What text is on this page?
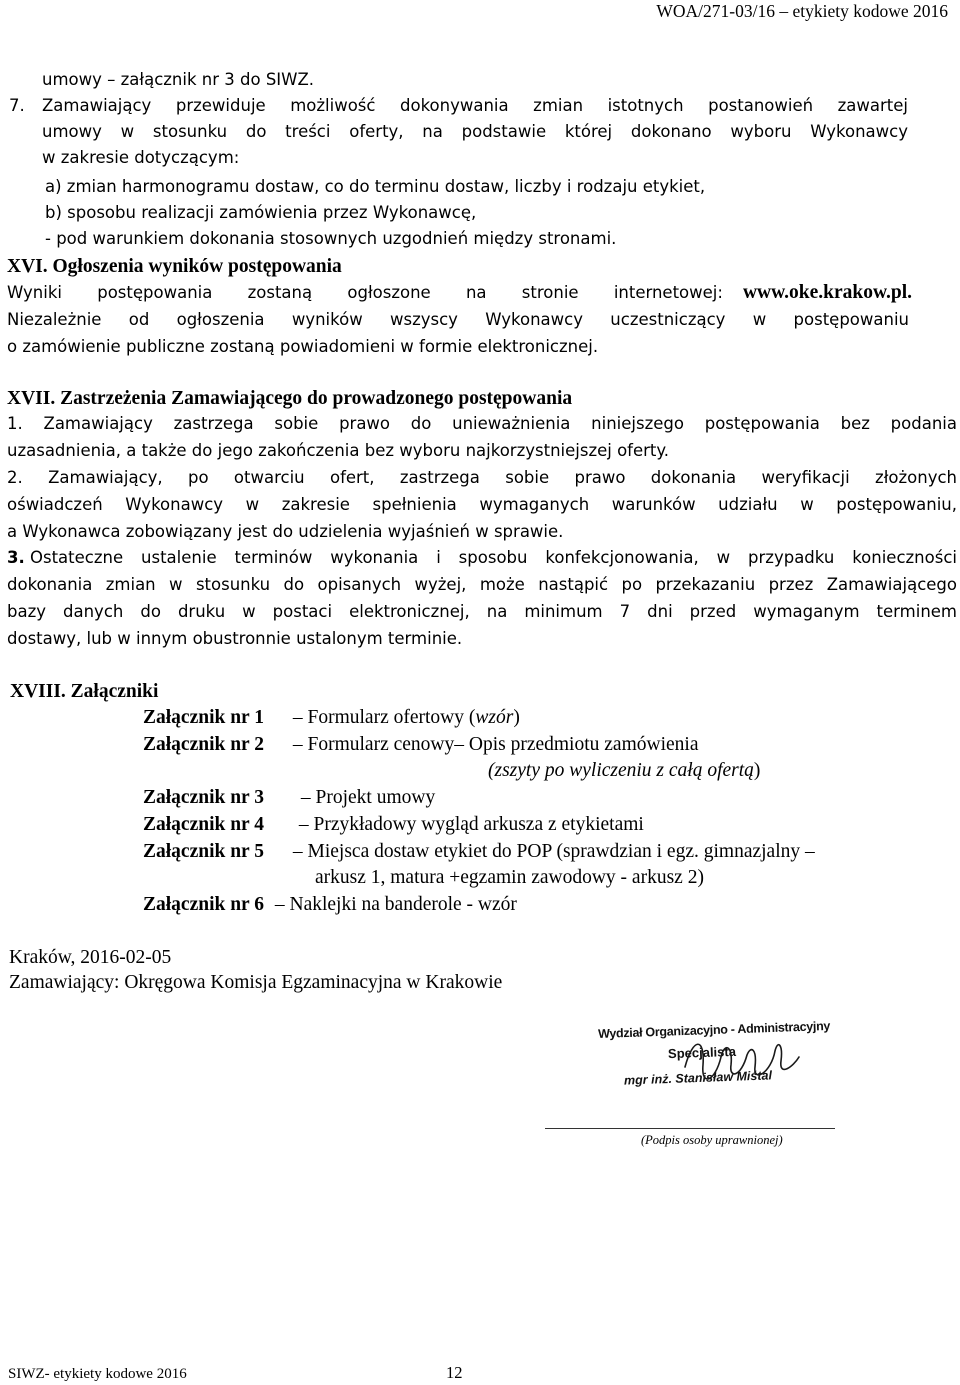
WOA/271-03/16 – etykiety kodowe 2016
umowy – załącznik nr 3 do SIWZ.
7. Zamawiający przewiduje możliwość dokonywania zmian istotnych postanowień zawartej
umowy w stosunku do treści oferty, na podstawie której dokonano wyboru Wykonawcy
w zakresie dotyczącym:
a) zmian harmonogramu dostaw, co do terminu dostaw, liczby i rodzaju etykiet,
b) sposobu realizacji zamówienia przez Wykonawcę,
- pod warunkiem dokonania stosownych uzgodnień między stronami.
XVI. Ogłoszenia wyników postępowania
Wyniki postępowania zostaną ogłoszone na stronie internetowej:	www.oke.krakow.pl.
Niezależnie od ogłoszenia wyników wszyscy Wykonawcy uczestniczący w postępowaniu
o zamówienie publiczne zostaną powiadomieni w formie elektronicznej.
XVII. Zastrzeżenia Zamawiającego do prowadzonego postępowania
1. Zamawiający zastrzega sobie prawo do unieważnienia niniejszego postępowania bez podania
uzasadnienia, a także do jego zakończenia bez wyboru najkorzystniejszej oferty.
2. Zamawiający, po otwarciu ofert, zastrzega sobie prawo dokonania weryfikacji złożonych
oświadczeń Wykonawcy w zakresie spełnienia wymaganych warunków udziału w postępowaniu,
a Wykonawca zobowiązany jest do udzielenia wyjaśnień w sprawie.
3. Ostateczne ustalenie terminów wykonania i sposobu konfekcjonowania, w przypadku konieczności
dokonania zmian w stosunku do opisanych wyżej, może nastąpić po przekazaniu przez Zamawiającego
bazy danych do druku w postaci elektronicznej, na minimum 7 dni przed wymaganym terminem
dostawy, lub w innym obustronnie ustalonym terminie.
XVIII. Załączniki
Załącznik nr 1 – Formularz ofertowy (wzór)
Załącznik nr 2 – Formularz cenowy– Opis przedmiotu zamówienia
(zszyty po wyliczeniu z całą ofertą)
Załącznik nr 3 – Projekt umowy
Załącznik nr 4 – Przykładowy wygląd arkusza z etykietami
Załącznik nr 5 – Miejsca dostaw etykiet do POP (sprawdzian i egz. gimnazjalny –
arkusz 1, matura +egzamin zawodowy - arkusz 2)
Załącznik nr 6 – Naklejki na banderole - wzór
Kraków, 2016-02-05
Zamawiający: Okręgowa Komisja Egzaminacyjna w Krakowie
Wydział Organizacyjno - Administracyjny
Specjalista
mgr inż. Stanisław Miśtal
(Podpis osoby uprawnionej)
SIWZ- etykiety kodowe 2016	12
